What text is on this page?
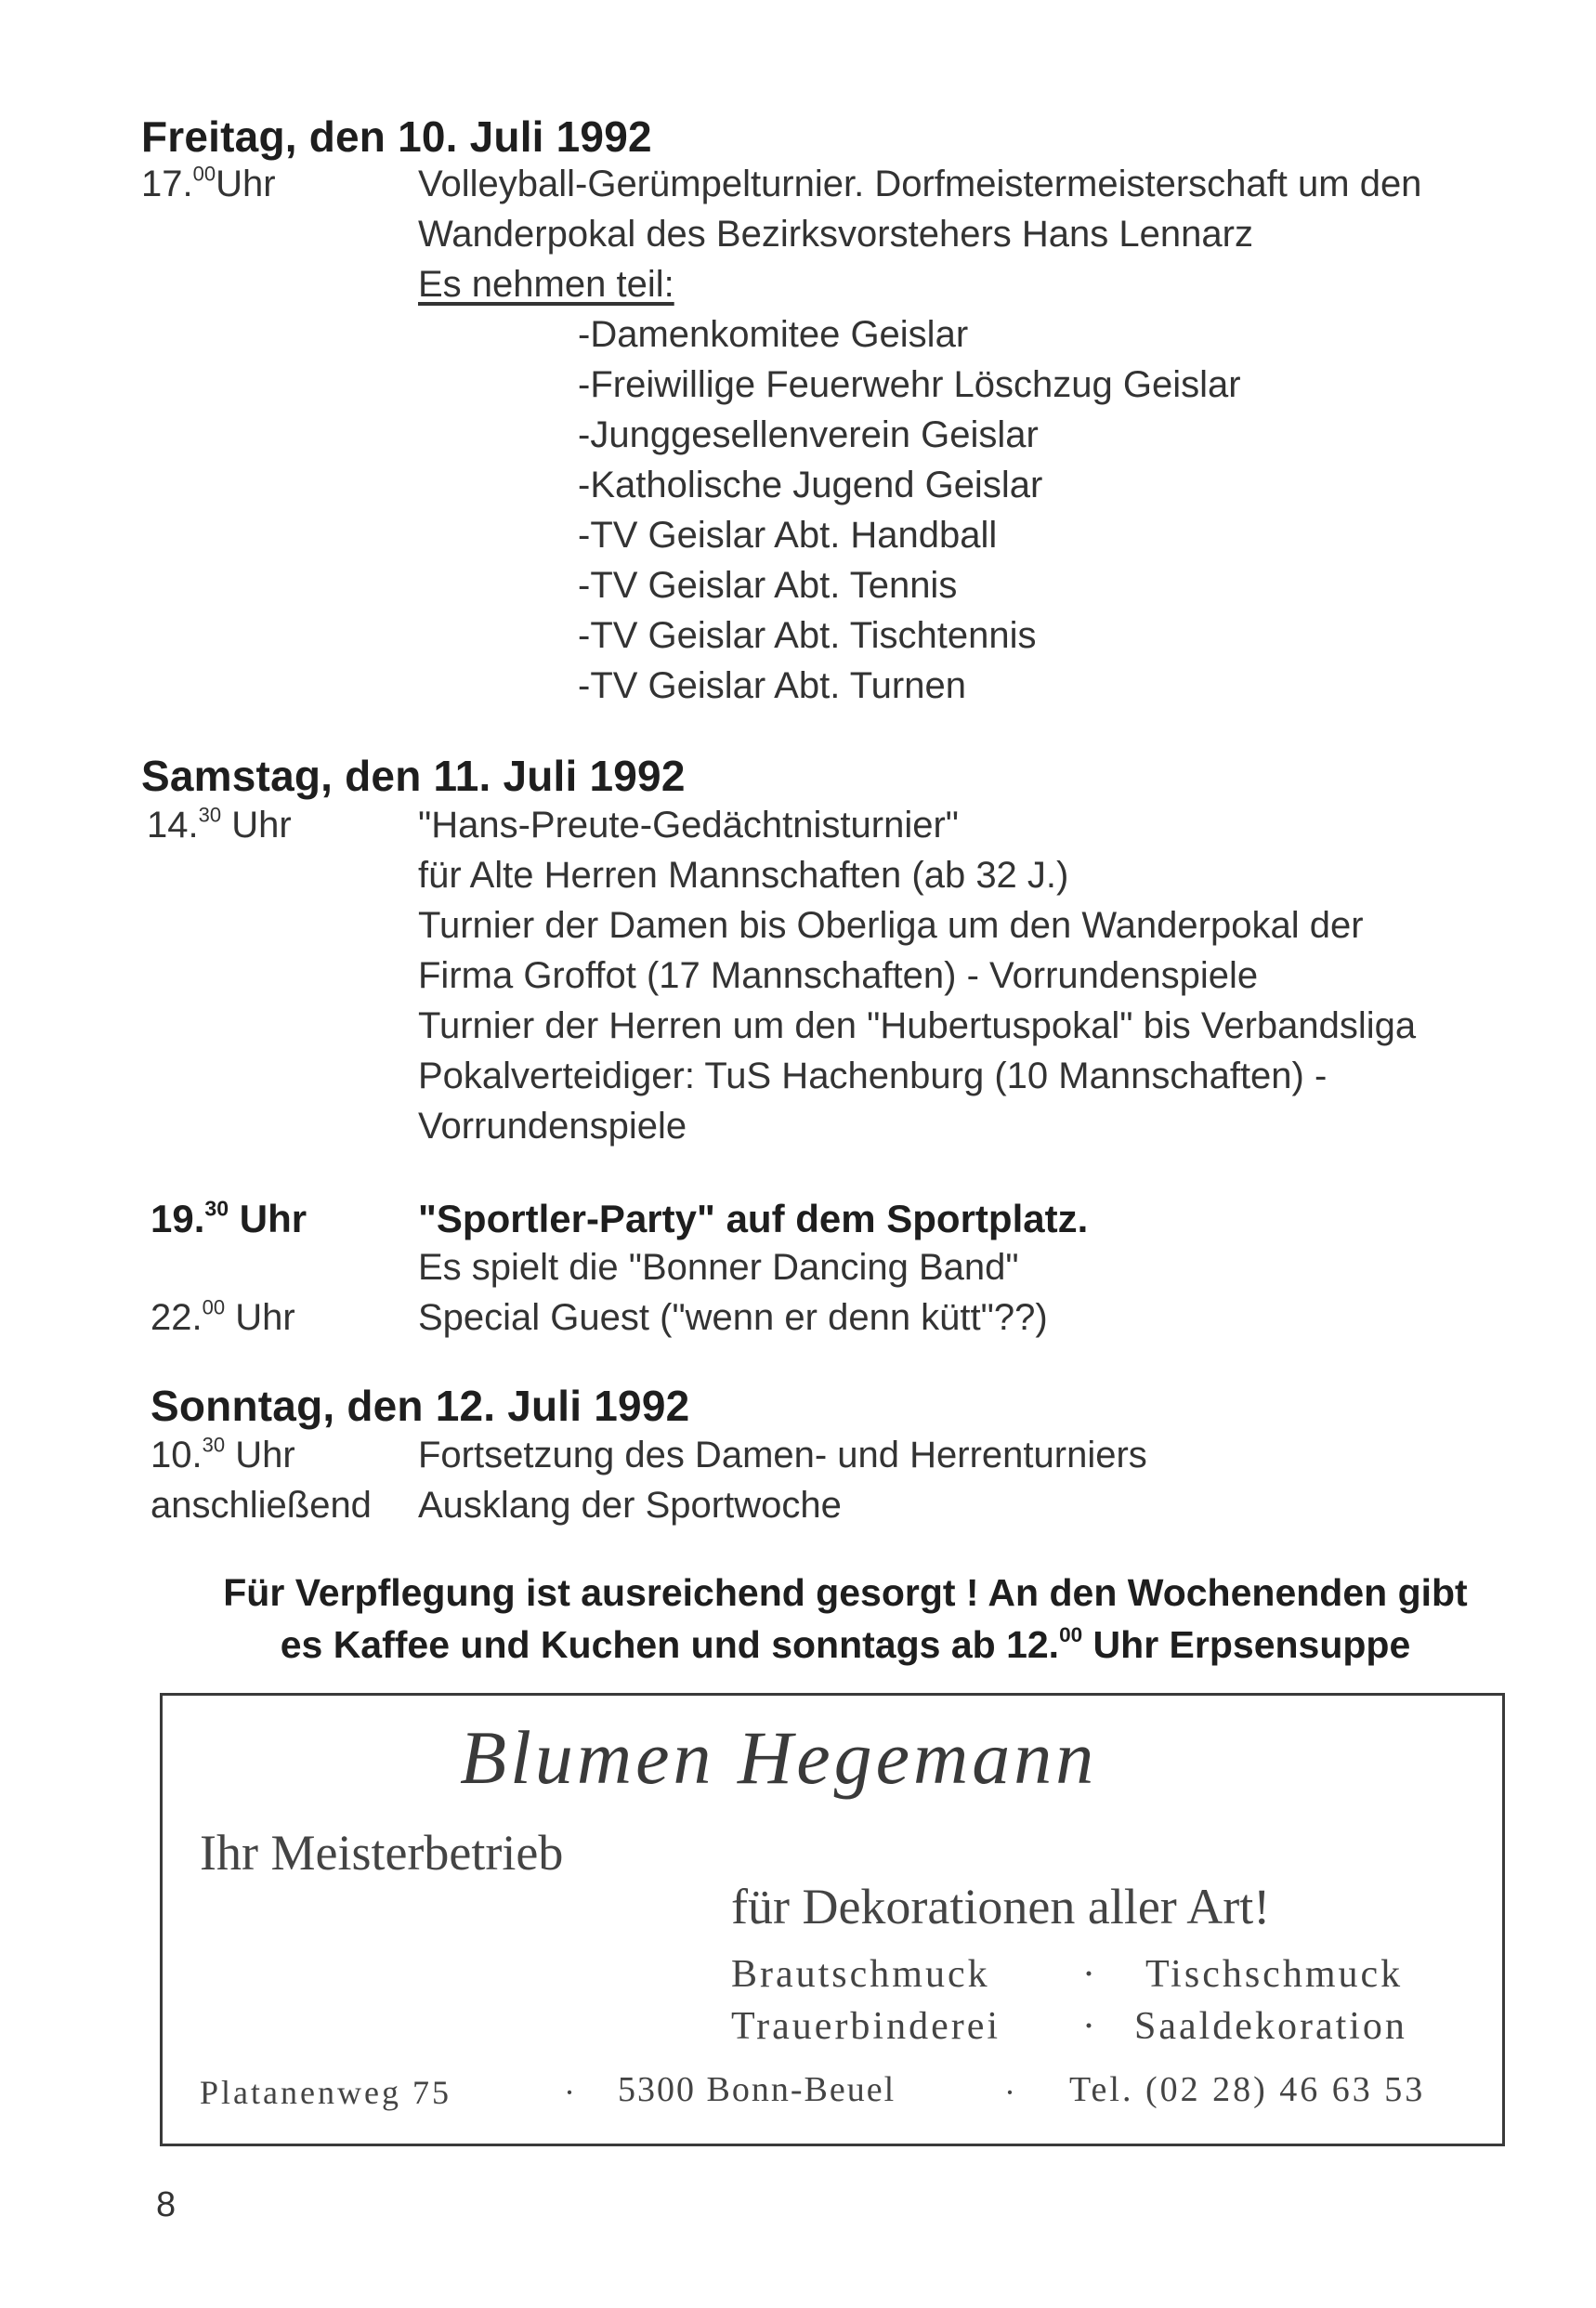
Freitag, den 10. Juli 1992
17.00Uhr	Volleyball-Gerümpelturnier. Dorfmeistermeisterschaft um den
Wanderpokal des Bezirksvorstehers Hans Lennarz
Es nehmen teil:
-Damenkomitee Geislar
-Freiwillige Feuerwehr Löschzug Geislar
-Junggesellenverein Geislar
-Katholische Jugend Geislar
-TV Geislar Abt. Handball
-TV Geislar Abt. Tennis
-TV Geislar Abt. Tischtennis
-TV Geislar Abt. Turnen
Samstag, den 11. Juli 1992
14.30 Uhr	"Hans-Preute-Gedächtnisturnier"
für Alte Herren Mannschaften (ab 32 J.)
Turnier der Damen bis Oberliga um den Wanderpokal der
Firma Groffot (17 Mannschaften) - Vorrundenspiele
Turnier der Herren um den "Hubertuspokal" bis Verbandsliga
Pokalverteidiger: TuS Hachenburg (10 Mannschaften) -
Vorrundenspiele
19.30 Uhr	"Sportler-Party" auf dem Sportplatz.
Es spielt die "Bonner Dancing Band"
22.00 Uhr	Special Guest ("wenn er denn kütt"??)
Sonntag, den 12. Juli 1992
10.30 Uhr	Fortsetzung des Damen- und Herrenturniers
anschließend Ausklang der Sportwoche
Für Verpflegung ist ausreichend gesorgt ! An den Wochenenden gibt
es Kaffee und Kuchen und sonntags ab 12.00 Uhr Erpsensuppe
Blumen Hegemann
Ihr Meisterbetrieb
für Dekorationen aller Art!
Brautschmuck · Tischschmuck
Trauerbinderei · Saaldekoration
Platanenweg 75	· 5300 Bonn-Beuel	· Tel. (02 28) 46 63 53
8
